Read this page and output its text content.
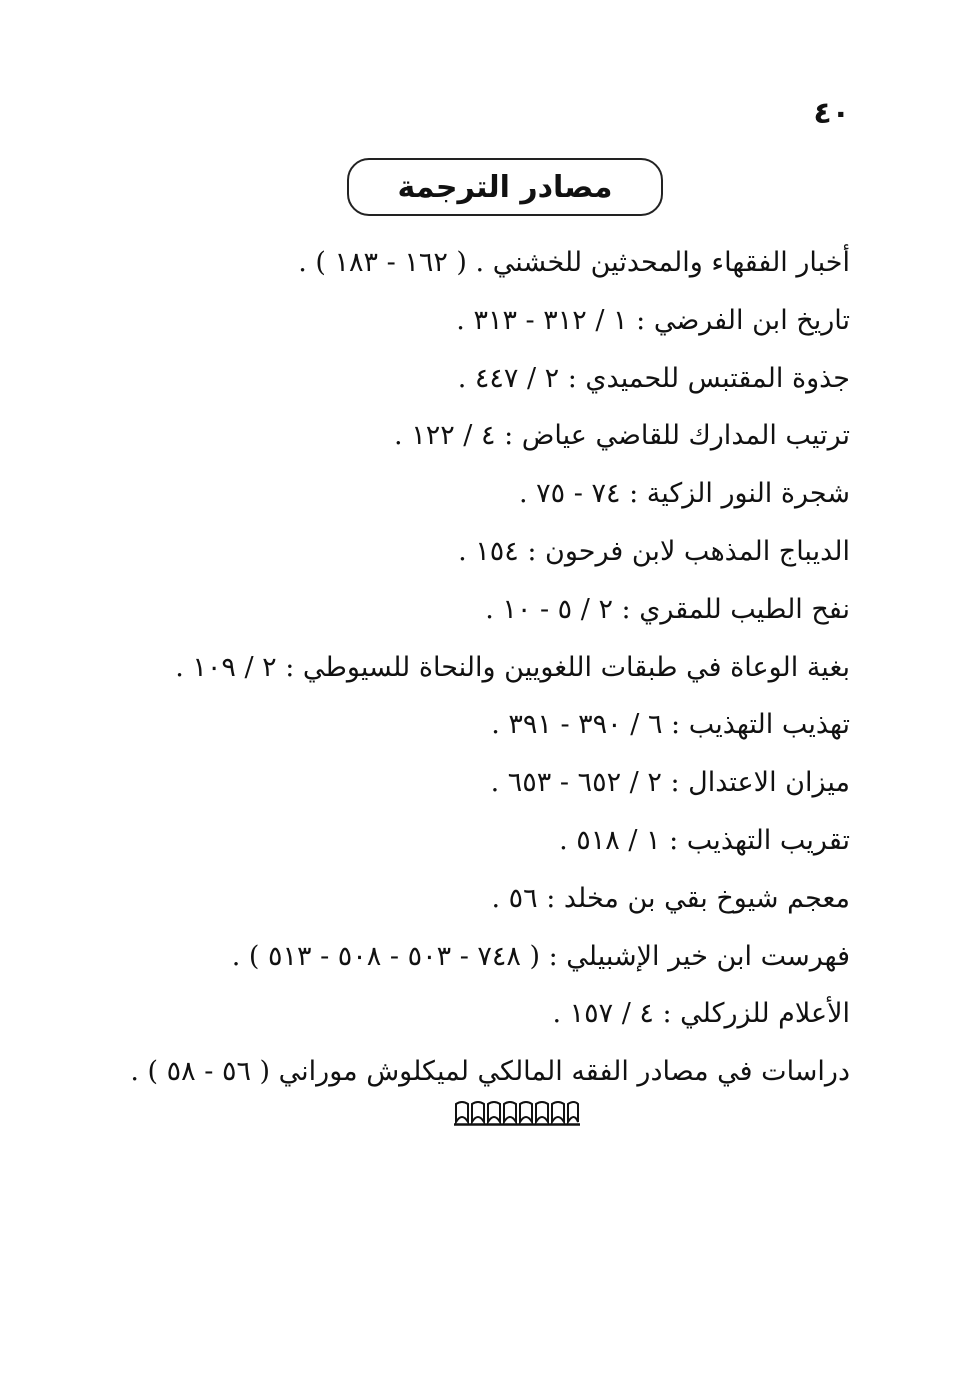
٤٠
مصادر الترجمة
أخبار الفقهاء والمحدثين للخشني . ( ١٦٢ - ١٨٣ ) .
تاريخ ابن الفرضي : ١ / ٣١٢ - ٣١٣ .
جذوة المقتبس للحميدي : ٢ / ٤٤٧ .
ترتيب المدارك للقاضي عياض : ٤ / ١٢٢ .
شجرة النور الزكية : ٧٤ - ٧٥ .
الديباج المذهب لابن فرحون : ١٥٤ .
نفح الطيب للمقري : ٢ / ٥ - ١٠ .
بغية الوعاة في طبقات اللغويين والنحاة للسيوطي : ٢ / ١٠٩ .
تهذيب التهذيب : ٦ / ٣٩٠ - ٣٩١ .
ميزان الاعتدال : ٢ / ٦٥٢ - ٦٥٣ .
تقريب التهذيب : ١ / ٥١٨ .
معجم شيوخ بقي بن مخلد : ٥٦ .
فهرست ابن خير الإشبيلي : ( ٧٤٨ - ٥٠٣ - ٥٠٨ - ٥١٣ ) .
الأعلام للزركلي : ٤ / ١٥٧ .
دراسات في مصادر الفقه المالكي لميكلوش موراني ( ٥٦ - ٥٨ ) .
